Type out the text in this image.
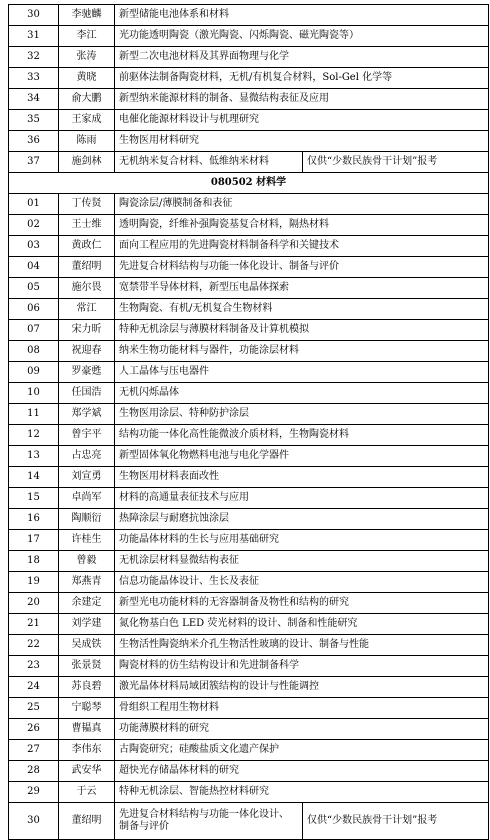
30	李驰麟	新型储能电池体系和材料	
31	李江	光功能透明陶瓷（激光陶瓷、闪烁陶瓷、磁光陶瓷等）	
32	张涛	新型二次电池材料及其界面物理与化学	
33	黄晓	前驱体法制备陶瓷材料，无机/有机复合材料，Sol-Gel 化学等	
34	俞大鹏	新型纳米能源材料的制备、显微结构表征及应用	
35	王家成	电催化能源材料设计与机理研究	
36	陈雨	生物医用材料研究	
37	施剑林	无机纳米复合材料、低维纳米材料	仅供“少数民族骨干计划”报考
080502 材料学			
01	丁传贤	陶瓷涂层/薄膜制备和表征	
02	王士维	透明陶瓷，纤维补强陶瓷基复合材料，隔热材料	
03	黄政仁	面向工程应用的先进陶瓷材料制备科学和关键技术	
04	董绍明	先进复合材料结构与功能一体化设计、制备与评价	
05	施尔畏	宽禁带半导体材料，新型压电晶体探索	
06	常江	生物陶瓷、有机/无机复合生物材料	
07	宋力昕	特种无机涂层与薄膜材料制备及计算机模拟	
08	祝迎春	纳米生物功能材料与器件，功能涂层材料	
09	罗豪甦	人工晶体与压电器件	
10	任国浩	无机闪烁晶体	
11	郑学斌	生物医用涂层、特种防护涂层	
12	曾宇平	结构功能一体化高性能微波介质材料，生物陶瓷材料	
13	占忠亮	新型固体氧化物燃料电池与电化学器件	
14	刘宣勇	生物医用材料表面改性	
15	卓尚军	材料的高通量表征技术与应用	
16	陶顺衍	热障涂层与耐磨抗蚀涂层	
17	许桂生	功能晶体材料的生长与应用基础研究	
18	曾毅	无机涂层材料显微结构表征	
19	郑燕青	信息功能晶体设计、生长及表征	
20	余建定	新型光电功能材料的无容器制备及物性和结构的研究	
21	刘学建	氮化物基白色 LED 荧光材料的设计、制备和性能研究	
22	吴成铁	生物活性陶瓷纳米介孔生物活性玻璃的设计、制备与性能	
23	张景贤	陶瓷材料的仿生结构设计和先进制备科学	
24	苏良碧	激光晶体材料局域团簇结构的设计与性能调控	
25	宁聪琴	骨组织工程用生物材料	
26	曹韫真	功能薄膜材料的研究	
27	李伟东	古陶瓷研究；硅酸盐质文化遗产保护	
28	武安华	超快光存储晶体材料的研究	
29	于云	特种无机涂层、智能热控材料研究	
30	董绍明	先进复合材料结构与功能一体化设计、制备与评价	仅供“少数民族骨干计划”报考
